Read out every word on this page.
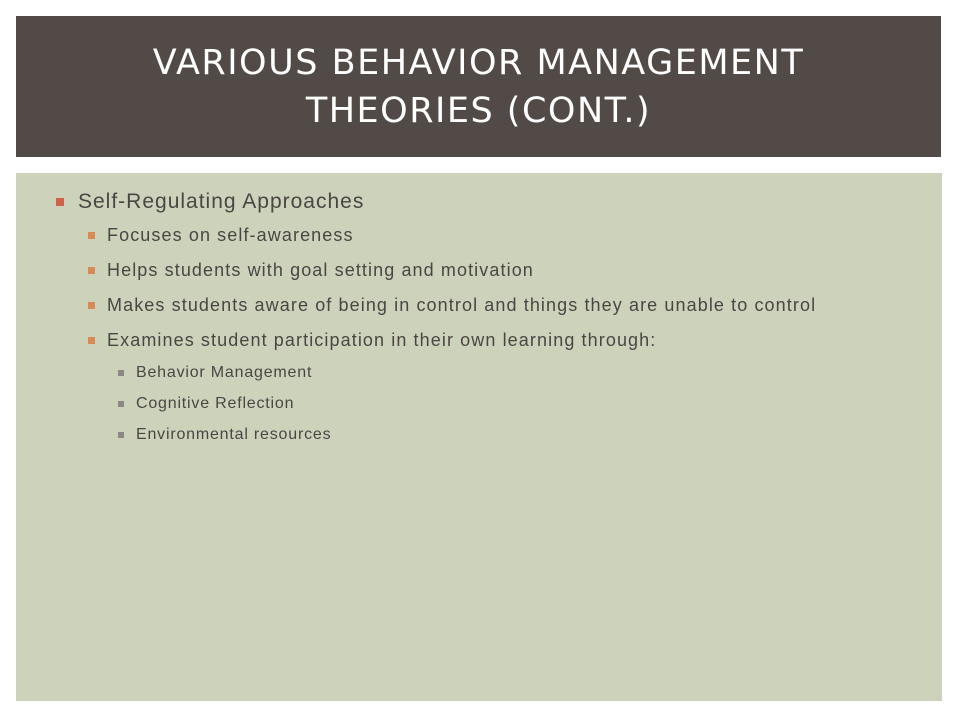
VARIOUS BEHAVIOR MANAGEMENT THEORIES (CONT.)
Self-Regulating Approaches
Focuses on self-awareness
Helps students with goal setting and motivation
Makes students aware of being in control and things they are unable to control
Examines student participation in their own learning through:
Behavior Management
Cognitive Reflection
Environmental resources
